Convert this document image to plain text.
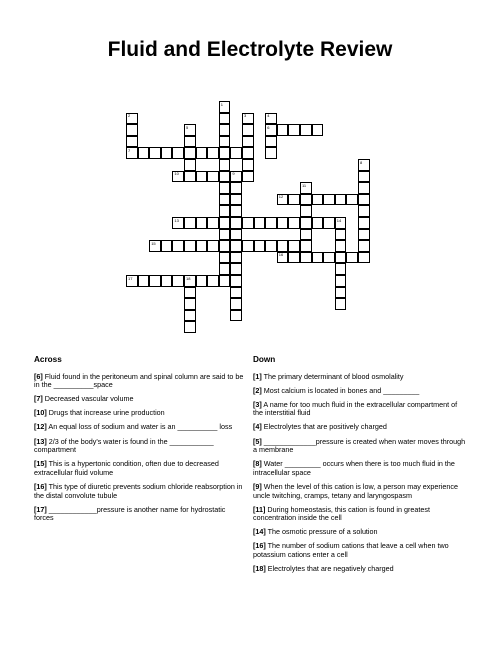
Fluid and Electrolyte Review
1
2
7
3	4
6
5
8
9
10
11
12
13	14
15
16
17	18
Across

[6] Fluid found in the peritoneum and spinal column are said to be in the __________space

[7] Decreased vascular volume

[10] Drugs that increase urine production

[12] An equal loss of sodium and water is an __________ loss

[13] 2/3 of the body's water is found in the ___________ compartment

[15] This is a hypertonic condition, often due to decreased extracellular fluid volume

[16] This type of diuretic prevents sodium chloride reabsorption in the distal convolute tubule

[17] ____________pressure is another name for hydrostatic forces

Down

[1] The primary determinant of blood osmolality

[2] Most calcium is located in bones and _________

[3] A name for too much fluid in the extracellular compartment of the interstitial fluid

[4] Electrolytes that are positively charged

[5] _____________pressure is created when water moves through a membrane

[8] Water _________ occurs when there is too much fluid in the intracellular space

[9] When the level of this cation is low, a person may experience uncle twitching, cramps, tetany and laryngospasm

[11] During homeostasis, this cation is found in greatest concentration inside the cell

[14] The osmotic pressure of a solution

[16] The number of sodium cations that leave a cell when two potassium cations enter a cell

[18] Electrolytes that are negatively charged
